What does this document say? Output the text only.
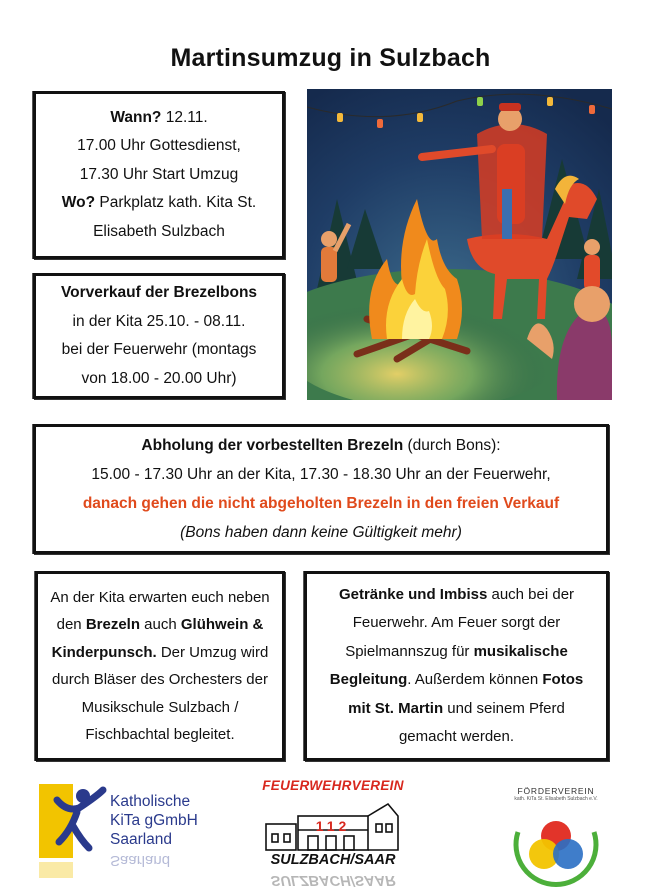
Martinsumzug in Sulzbach

Wann? 12.11.

17.00 Uhr Gottesdienst,

17.30 Uhr Start Umzug

Wo? Parkplatz kath. Kita St.

Elisabeth Sulzbach

Vorverkauf der Brezelbons

in der Kita 25.10. - 08.11.

bei der Feuerwehr (montags

von 18.00 - 20.00 Uhr)

Abholung der vorbestellten Brezeln (durch Bons):

15.00 - 17.30 Uhr an der Kita, 17.30 - 18.30 Uhr an der Feuerwehr,

danach gehen die nicht abgeholten Brezeln in den freien Verkauf

(Bons haben dann keine Gültigkeit mehr)

An der Kita erwarten euch neben

den Brezeln auch Glühwein &

Kinderpunsch. Der Umzug wird

durch Bläser des Orchesters der

Musikschule Sulzbach /

Fischbachtal begleitet.

Getränke und Imbiss auch bei der

Feuerwehr. Am Feuer sorgt der

Spielmannszug für musikalische

Begleitung. Außerdem können Fotos

mit St. Martin und seinem Pferd

gemacht werden.

Katholische
KiTa gGmbH
Saarland
Saarland
FEUERWEHRVEREIN
112
SULZBACH/SAAR
SULZBACH/SAAR
FÖRDERVEREIN
kath. KiTa St. Elisabeth Sulzbach e.V.
